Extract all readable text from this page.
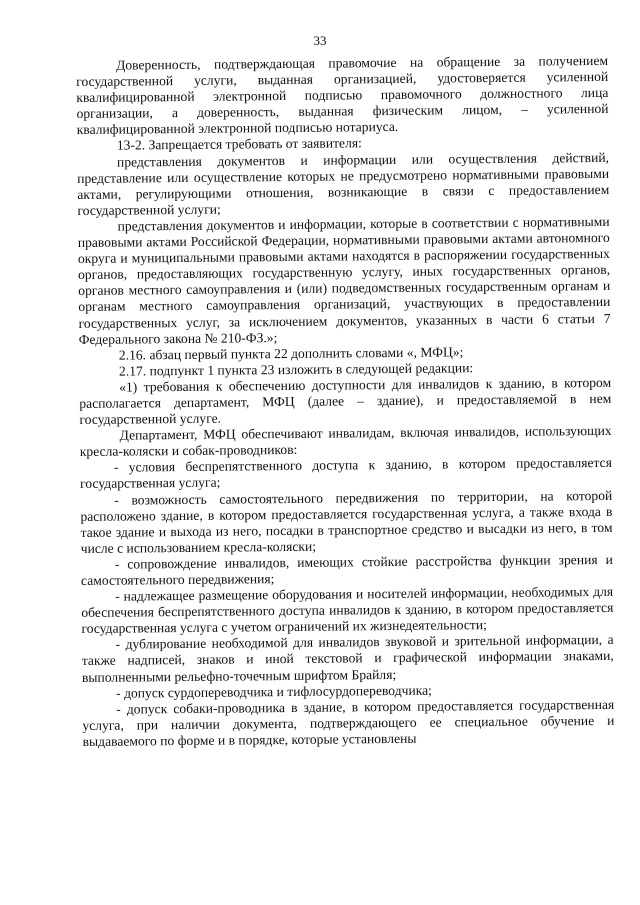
33

Доверенность, подтверждающая правомочие на обращение за получением государственной услуги, выданная организацией, удостоверяется усиленной квалифицированной электронной подписью правомочного должностного лица организации, а доверенность, выданная физическим лицом, – усиленной квалифицированной электронной подписью нотариуса.

13-2. Запрещается требовать от заявителя:

представления документов и информации или осуществления действий, представление или осуществление которых не предусмотрено нормативными правовыми актами, регулирующими отношения, возникающие в связи с предоставлением государственной услуги;

представления документов и информации, которые в соответствии с нормативными правовыми актами Российской Федерации, нормативными правовыми актами автономного округа и муниципальными правовыми актами находятся в распоряжении государственных органов, предоставляющих государственную услугу, иных государственных органов, органов местного самоуправления и (или) подведомственных государственным органам и органам местного самоуправления организаций, участвующих в предоставлении государственных услуг, за исключением документов, указанных в части 6 статьи 7 Федерального закона № 210-ФЗ.»;

2.16. абзац первый пункта 22 дополнить словами «, МФЦ»;

2.17. подпункт 1 пункта 23 изложить в следующей редакции:

«1) требования к обеспечению доступности для инвалидов к зданию, в котором располагается департамент, МФЦ (далее – здание), и предоставляемой в нем государственной услуге.

Департамент, МФЦ обеспечивают инвалидам, включая инвалидов, использующих кресла-коляски и собак-проводников:

- условия беспрепятственного доступа к зданию, в котором предоставляется государственная услуга;

- возможность самостоятельного передвижения по территории, на которой расположено здание, в котором предоставляется государственная услуга, а также входа в такое здание и выхода из него, посадки в транспортное средство и высадки из него, в том числе с использованием кресла-коляски;

- сопровождение инвалидов, имеющих стойкие расстройства функции зрения и самостоятельного передвижения;

- надлежащее размещение оборудования и носителей информации, необходимых для обеспечения беспрепятственного доступа инвалидов к зданию, в котором предоставляется государственная услуга с учетом ограничений их жизнедеятельности;

- дублирование необходимой для инвалидов звуковой и зрительной информации, а также надписей, знаков и иной текстовой и графической информации знаками, выполненными рельефно-точечным шрифтом Брайля;

- допуск сурдопереводчика и тифлосурдопереводчика;

- допуск собаки-проводника в здание, в котором предоставляется государственная услуга, при наличии документа, подтверждающего ее специальное обучение и выдаваемого по форме и в порядке, которые установлены
